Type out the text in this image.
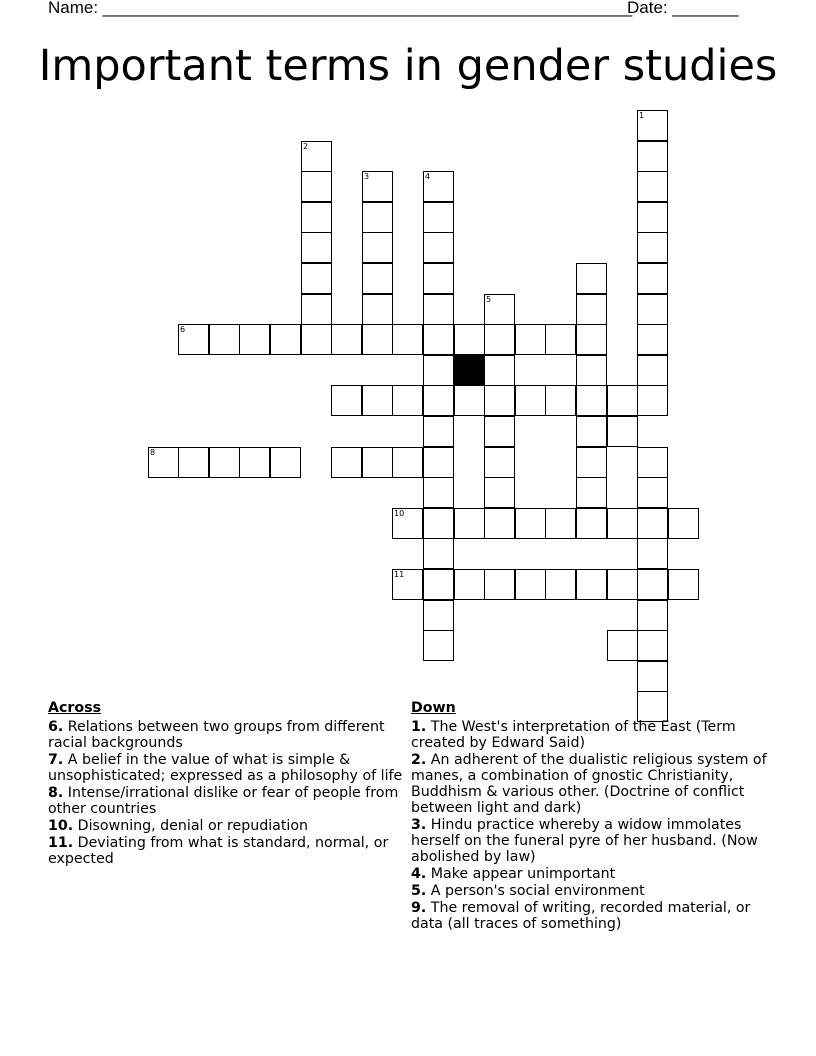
Name: ________________________________________________________
Date: _______
Important terms in gender studies
1
2
3	4
5
6
8
10
11
Across
6. Relations between two groups from different racial backgrounds
7. A belief in the value of what is simple & unsophisticated; expressed as a philosophy of life
8. Intense/irrational dislike or fear of people from other countries
10. Disowning, denial or repudiation
11. Deviating from what is standard, normal, or expected
Down
1. The West's interpretation of the East (Term created by Edward Said)
2. An adherent of the dualistic religious system of manes, a combination of gnostic Christianity, Buddhism & various other. (Doctrine of conflict between light and dark)
3. Hindu practice whereby a widow immolates herself on the funeral pyre of her husband. (Now abolished by law)
4. Make appear unimportant
5. A person's social environment
9. The removal of writing, recorded material, or data (all traces of something)
